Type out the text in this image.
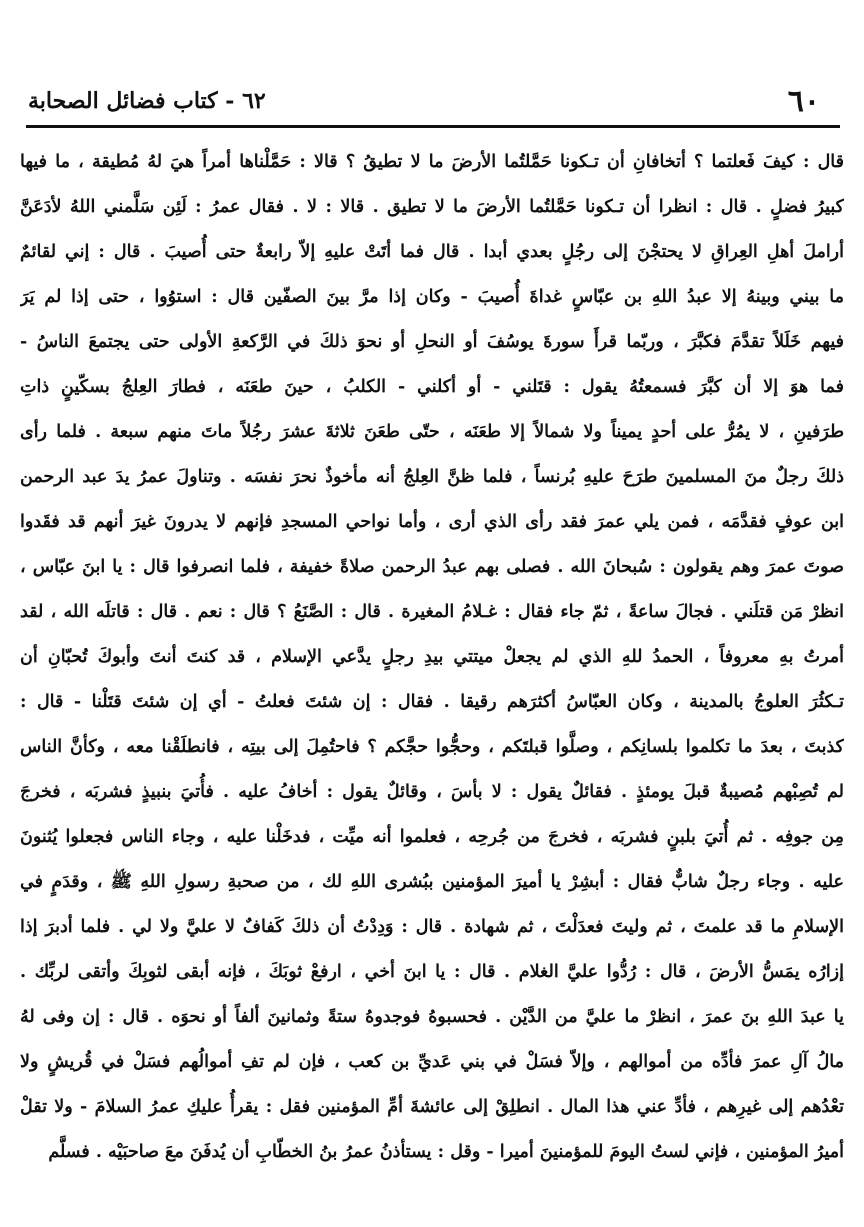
٦٢ - كتاب فضائل الصحابة	٦٠
قال : كيفَ فَعلتما ؟ أتخافانِ أن تـكونا حَمَّلتُما الأرضَ ما لا تطيقُ ؟ قالا : حَمَّلْناها أمراً هيَ لهُ مُطيقة ، ما فيها
كبيرُ فضلٍ . قال : انظرا أن تـكونا حَمَّلتُما الأرضَ ما لا تطيق . قالا : لا . فقال عمرُ : لَئِن سَلَّمني اللهُ لأدَعَنَّ
أراملَ أهلِ العِراقِ لا يحتجْنَ إلى رجُلٍ بعدي أبدا . قال فما أتَتْ عليهِ إلاّ رابعةٌ حتى أُصيبَ . قال : إني لقائمٌ
ما بيني وبينهُ إلا عبدُ اللهِ بن عبّاسٍ غداةَ أُصيبَ - وكان إذا مرَّ بينَ الصفّين قال : استوُوا ، حتى إذا لم يَرَ
فيهم خَلَلاً تقدَّمَ فكبَّرَ ، وربّما قرأَ سورةَ يوسُفَ أو النحلِ أو نحوَ ذلكَ في الرَّكعةِ الأولى حتى يجتمعَ الناسُ -
فما هوَ إلا أن كبَّرَ فسمعتُهُ يقول : قتَلني - أو أكلني - الكلبُ ، حينَ طعَنَه ، فطارَ العِلجُ بسكّينٍ ذاتِ
طرَفينِ ، لا يمُرُّ على أحدٍ يميناً ولا شمالاً إلا طعَنَه ، حتّى طعَنَ ثلاثةَ عشرَ رجُلاً ماتَ منهم سبعة . فلما رأى
ذلكَ رجلٌ منَ المسلمينَ طرَحَ عليهِ بُرنساً ، فلما ظنَّ العِلجُ أنه مأخوذٌ نحرَ نفسَه . وتناولَ عمرُ يدَ عبد الرحمن
ابن عوفٍ فقدَّمَه ، فمن يلي عمرَ فقد رأى الذي أرى ، وأما نواحي المسجدِ فإنهم لا يدرونَ غيرَ أنهم قد فقَدوا
صوتَ عمرَ وهم يقولون : سُبحانَ الله . فصلى بهم عبدُ الرحمن صلاةً خفيفة ، فلما انصرفوا قال : يا ابنَ عبّاس ،
انظرْ مَن قتلَني . فجالَ ساعةً ، ثمّ جاء فقال : غـلامُ المغيرة . قال : الصَّنَعُ ؟ قال : نعم . قال : قاتلَه الله ، لقد
أمرتُ بهِ معروفاً ، الحمدُ للهِ الذي لم يجعلْ ميتتي بيدِ رجلٍ يدَّعي الإسلام ، قد كنتَ أنتَ وأبوكَ تُحبّانِ أن
تـكثُرَ العلوجُ بالمدينة ، وكان العبّاسُ أكثرَهم رقيقا . فقال : إن شئتَ فعلتُ - أي إن شئتَ قتَلْنا - قال :
كذبتَ ، بعدَ ما تكلموا بلسانِكم ، وصلَّوا قبلتَكم ، وحجُّوا حجَّكم ؟ فاحتُمِلَ إلى بيتِه ، فانطلَقْنا معه ، وكأنَّ الناس
لم تُصِبْهم مُصيبةٌ قبلَ يومئذٍ . فقائلٌ يقول : لا بأسَ ، وقائلٌ يقول : أخافُ عليه . فأُتيَ بنبيذٍ فشربَه ، فخرجَ
مِن جوفِه . ثم أُتيَ بلبنٍ فشربَه ، فخرجَ من جُرحِه ، فعلموا أنه ميِّت ، فدخَلْنا عليه ، وجاء الناس فجعلوا يُثنونَ
عليه . وجاء رجلٌ شابٌّ فقال : أبشِرْ يا أميرَ المؤمنين ببُشرى اللهِ لك ، من صحبةِ رسولِ اللهِ ﷺ ، وقدَمٍ في
الإسلامِ ما قد علمتَ ، ثم وليتَ فعدَلْتَ ، ثم شهادة . قال : وَدِدْتُ أن ذلكَ كَفافٌ لا عليَّ ولا لي . فلما أدبرَ إذا
إزارُه يمَسُّ الأرضَ ، قال : رُدُّوا عليَّ الغلام . قال : يا ابنَ أخي ، ارفعْ ثوبَكَ ، فإنه أبقى لثوبِكَ وأتقى لربِّك .
يا عبدَ اللهِ بنَ عمرَ ، انظرْ ما عليَّ من الدَّيْن . فحسبوهُ فوجدوهُ ستةً وثمانينَ ألفاً أو نحوَه . قال : إن وفى لهُ
مالُ آلِ عمرَ فأدِّه من أموالهم ، وإلاّ فسَلْ في بني عَديِّ بن كعب ، فإن لم تفِ أموالُهم فسَلْ في قُريشٍ ولا
تعْدُهم إلى غيرِهم ، فأدِّ عني هذا المال . انطلِقْ إلى عائشةَ أمِّ المؤمنين فقل : يقرأُ عليكِ عمرُ السلامَ - ولا تقلْ
أميرُ المؤمنين ، فإني لستُ اليومَ للمؤمنينَ أميرا - وقل : يستأذنُ عمرُ بنُ الخطّابِ أن يُدفَنَ معَ صاحبَيْه . فسلَّم
